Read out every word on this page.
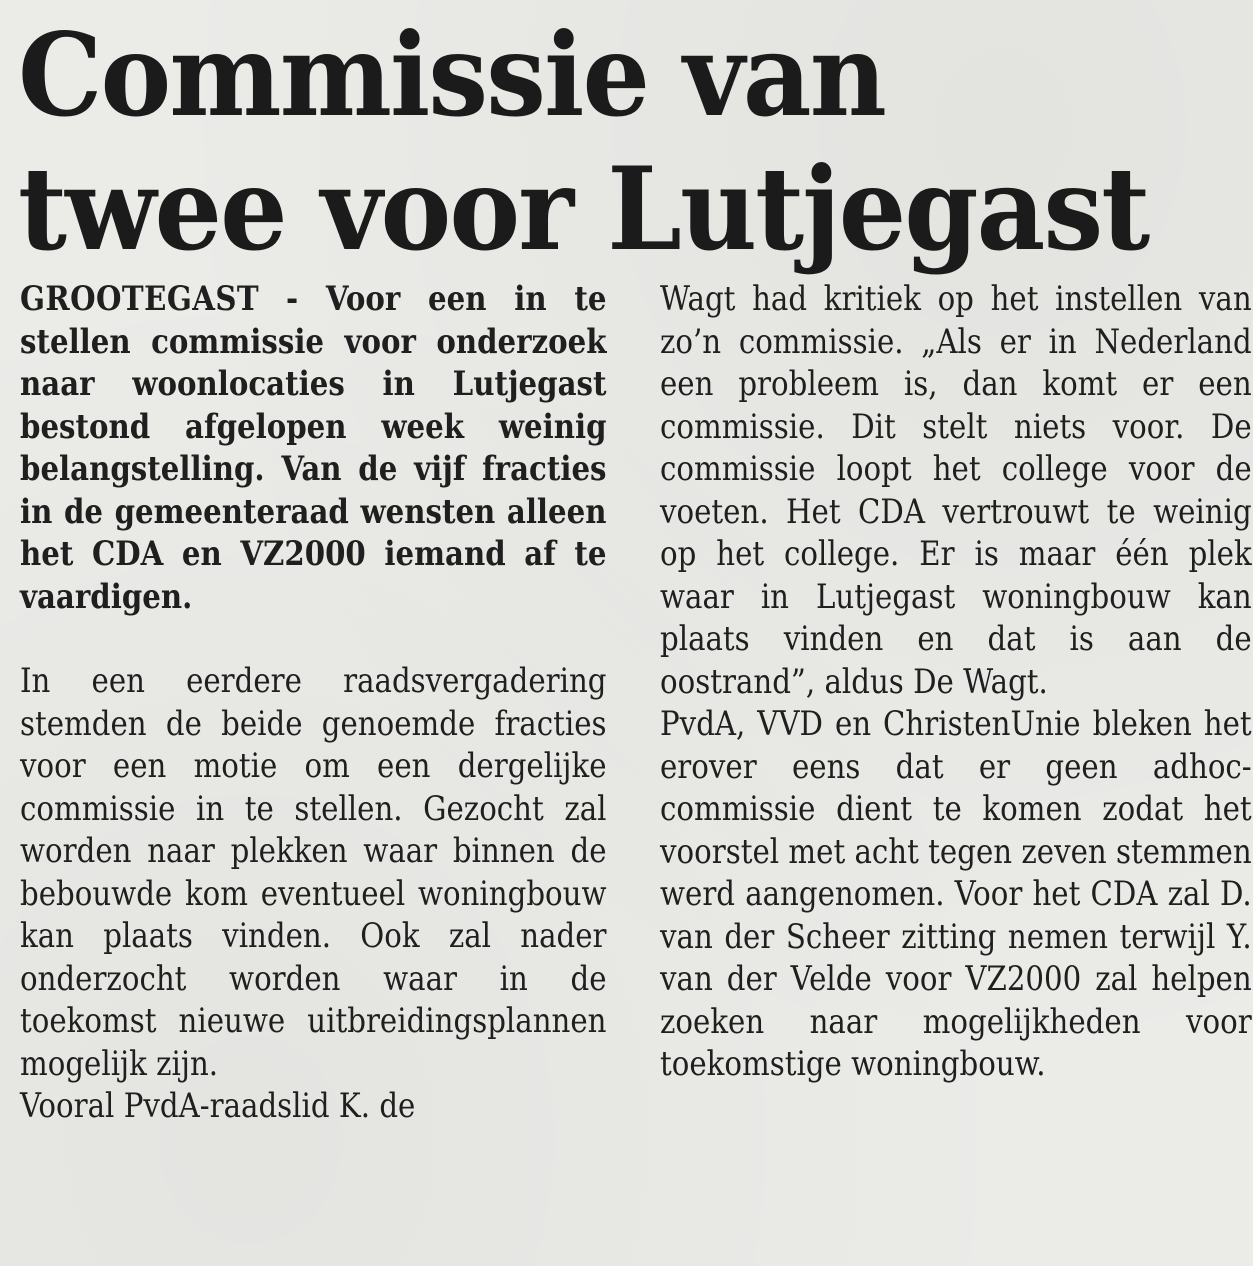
Commissie van
twee voor Lutjegast

GROOTEGAST - Voor een in te stellen commissie voor onderzoek naar woonlocaties in Lutjegast bestond afgelopen week weinig belangstelling. Van de vijf fracties in de gemeenteraad wensten alleen het CDA en VZ2000 iemand af te vaardigen.

In een eerdere raadsvergadering stemden de beide genoemde fracties voor een motie om een dergelijke commissie in te stellen. Gezocht zal worden naar plekken waar binnen de bebouwde kom eventueel woningbouw kan plaats vinden. Ook zal nader onderzocht worden waar in de toekomst nieuwe uitbreidingsplannen mogelijk zijn.

Vooral PvdA-raadslid K. de

Wagt had kritiek op het instellen van zo’n commissie. „Als er in Nederland een probleem is, dan komt er een commissie. Dit stelt niets voor. De commissie loopt het college voor de voeten. Het CDA vertrouwt te weinig op het college. Er is maar één plek waar in Lutjegast woningbouw kan plaats vinden en dat is aan de oostrand”, aldus De Wagt.

PvdA, VVD en ChristenUnie bleken het erover eens dat er geen adhoc-commissie dient te komen zodat het voorstel met acht tegen zeven stemmen werd aangenomen. Voor het CDA zal D. van der Scheer zitting nemen terwijl Y. van der Velde voor VZ2000 zal helpen zoeken naar mogelijkheden voor toekomstige woningbouw.
